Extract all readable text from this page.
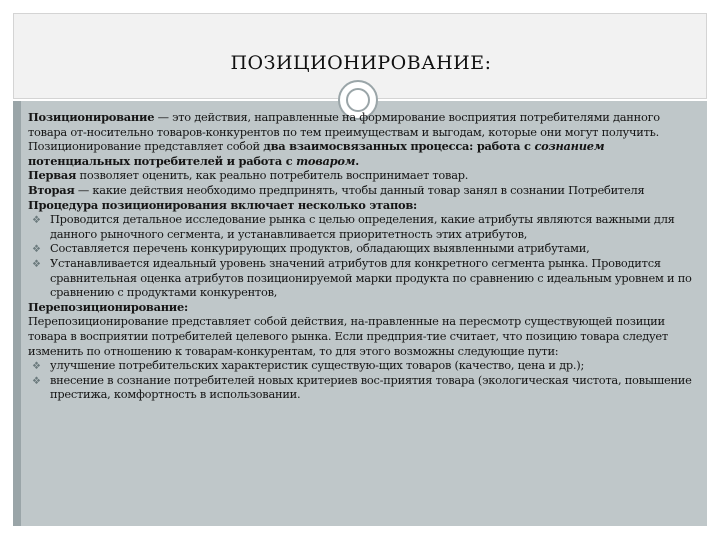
ПОЗИЦИОНИРОВАНИЕ:

Позиционирование — это действия, направленные на формирование восприятия потребителями данного товара от-носительно товаров-конкурентов по тем преимуществам и выгодам, которые они могут получить.

Позиционирование представляет собой два взаимосвязанных процесса: работа с сознанием потенциальных потребителей и работа с товаром.

Первая позволяет оценить, как реально потребитель воспринимает товар.

Вторая — какие действия необходимо предпринять, чтобы данный товар занял в сознании Потребителя

Процедура позиционирования включает несколько этапов:

❖ Проводится детальное исследование рынка с целью определения, какие атрибуты являются важными для данного рыночного сегмента, и устанавливается приоритетность этих атрибутов,

❖ Составляется перечень конкурирующих продуктов, обладающих выявленными атрибутами,

❖ Устанавливается идеальный уровень значений атрибутов для конкретного сегмента рынка. Проводится сравнительная оценка атрибутов позиционируемой марки продукта по сравнению с идеальным уровнем и по сравнению с продуктами конкурентов,

Перепозиционирование:

Перепозиционирование представляет собой действия, на-правленные на пересмотр существующей позиции товара в восприятии потребителей целевого рынка. Если предприя-тие считает, что позицию товара следует изменить по отношению к товарам-конкурентам, то для этого возможны следующие пути:

❖ улучшение потребительских характеристик существую-щих товаров (качество, цена и др.);

❖ внесение в сознание потребителей новых критериев вос-приятия товара (экологическая чистота, повышение престижа, комфортность в использовании.
